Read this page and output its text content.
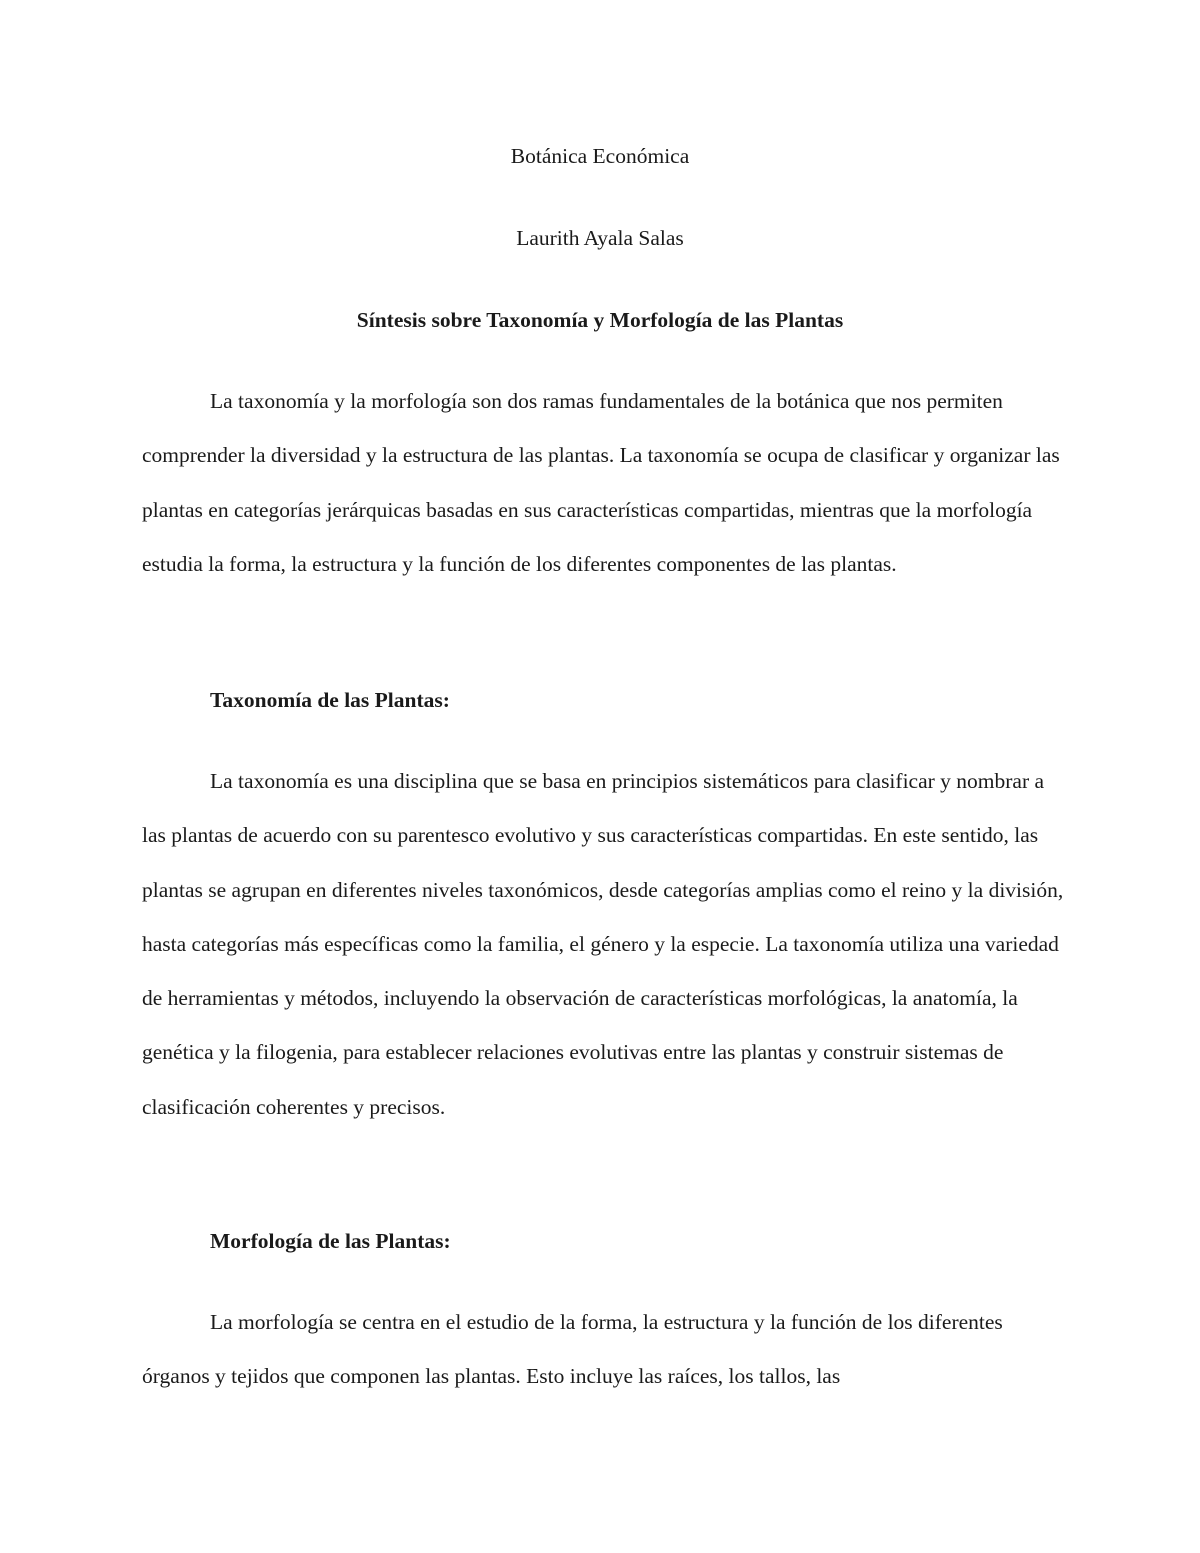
Botánica Económica

Laurith Ayala Salas

Síntesis sobre Taxonomía y Morfología de las Plantas

La taxonomía y la morfología son dos ramas fundamentales de la botánica que nos permiten comprender la diversidad y la estructura de las plantas. La taxonomía se ocupa de clasificar y organizar las plantas en categorías jerárquicas basadas en sus características compartidas, mientras que la morfología estudia la forma, la estructura y la función de los diferentes componentes de las plantas.

Taxonomía de las Plantas:

La taxonomía es una disciplina que se basa en principios sistemáticos para clasificar y nombrar a las plantas de acuerdo con su parentesco evolutivo y sus características compartidas. En este sentido, las plantas se agrupan en diferentes niveles taxonómicos, desde categorías amplias como el reino y la división, hasta categorías más específicas como la familia, el género y la especie. La taxonomía utiliza una variedad de herramientas y métodos, incluyendo la observación de características morfológicas, la anatomía, la genética y la filogenia, para establecer relaciones evolutivas entre las plantas y construir sistemas de clasificación coherentes y precisos.

Morfología de las Plantas:

La morfología se centra en el estudio de la forma, la estructura y la función de los diferentes órganos y tejidos que componen las plantas. Esto incluye las raíces, los tallos, las
